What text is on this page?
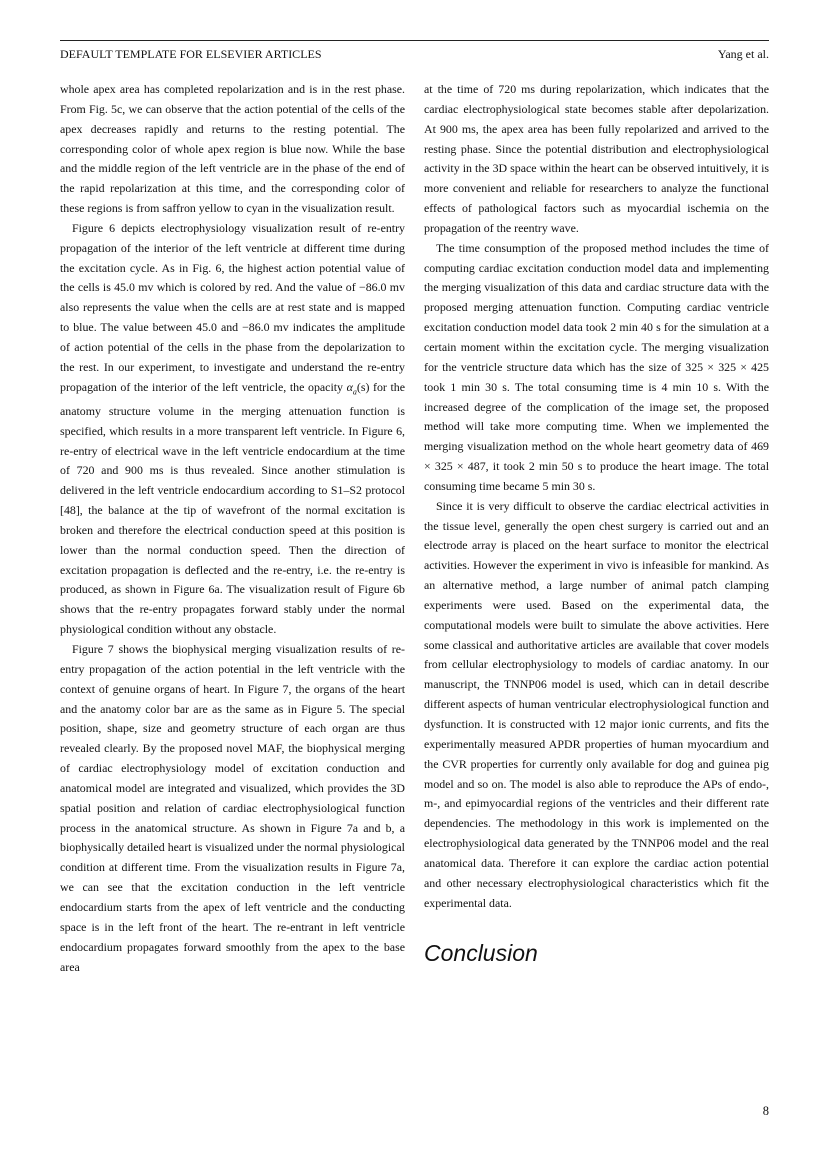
DEFAULT TEMPLATE FOR ELSEVIER ARTICLES	Yang et al.

whole apex area has completed repolarization and is in the rest phase. From Fig. 5c, we can observe that the action potential of the cells of the apex decreases rapidly and returns to the resting potential. The corresponding color of whole apex region is blue now. While the base and the middle region of the left ventricle are in the phase of the end of the rapid repolarization at this time, and the corresponding color of these regions is from saffron yellow to cyan in the visualization result.

Figure 6 depicts electrophysiology visualization result of re-entry propagation of the interior of the left ventricle at different time during the excitation cycle. As in Fig. 6, the highest action potential value of the cells is 45.0 mv which is colored by red. And the value of −86.0 mv also represents the value when the cells are at rest state and is mapped to blue. The value between 45.0 and −86.0 mv indicates the amplitude of action potential of the cells in the phase from the depolarization to the rest. In our experiment, to investigate and understand the re-entry propagation of the interior of the left ventricle, the opacity $\alpha_a(s)$ for the anatomy structure volume in the merging attenuation function is specified, which results in a more transparent left ventricle. In Figure 6, re-entry of electrical wave in the left ventricle endocardium at the time of 720 and 900 ms is thus revealed. Since another stimulation is delivered in the left ventricle endocardium according to S1–S2 protocol [48], the balance at the tip of wavefront of the normal excitation is broken and therefore the electrical conduction speed at this position is lower than the normal conduction speed. Then the direction of excitation propagation is deflected and the re-entry, i.e. the re-entry is produced, as shown in Figure 6a. The visualization result of Figure 6b shows that the re-entry propagates forward stably under the normal physiological condition without any obstacle.

Figure 7 shows the biophysical merging visualization results of re-entry propagation of the action potential in the left ventricle with the context of genuine organs of heart. In Figure 7, the organs of the heart and the anatomy color bar are as the same as in Figure 5. The special position, shape, size and geometry structure of each organ are thus revealed clearly. By the proposed novel MAF, the biophysical merging of cardiac electrophysiology model of excitation conduction and anatomical model are integrated and visualized, which provides the 3D spatial position and relation of cardiac electrophysiological function process in the anatomical structure. As shown in Figure 7a and b, a biophysically detailed heart is visualized under the normal physiological condition at different time. From the visualization results in Figure 7a, we can see that the excitation conduction in the left ventricle endocardium starts from the apex of left ventricle and the conducting space is in the left front of the heart. The re-entrant in left ventricle endocardium propagates forward smoothly from the apex to the base area

at the time of 720 ms during repolarization, which indicates that the cardiac electrophysiological state becomes stable after depolarization. At 900 ms, the apex area has been fully repolarized and arrived to the resting phase. Since the potential distribution and electrophysiological activity in the 3D space within the heart can be observed intuitively, it is more convenient and reliable for researchers to analyze the functional effects of pathological factors such as myocardial ischemia on the propagation of the reentry wave.

The time consumption of the proposed method includes the time of computing cardiac excitation conduction model data and implementing the merging visualization of this data and cardiac structure data with the proposed merging attenuation function. Computing cardiac ventricle excitation conduction model data took 2 min 40 s for the simulation at a certain moment within the excitation cycle. The merging visualization for the ventricle structure data which has the size of 325 × 325 × 425 took 1 min 30 s. The total consuming time is 4 min 10 s. With the increased degree of the complication of the image set, the proposed method will take more computing time. When we implemented the merging visualization method on the whole heart geometry data of 469 × 325 × 487, it took 2 min 50 s to produce the heart image. The total consuming time became 5 min 30 s.

Since it is very difficult to observe the cardiac electrical activities in the tissue level, generally the open chest surgery is carried out and an electrode array is placed on the heart surface to monitor the electrical activities. However the experiment in vivo is infeasible for mankind. As an alternative method, a large number of animal patch clamping experiments were used. Based on the experimental data, the computational models were built to simulate the above activities. Here some classical and authoritative articles are available that cover models from cellular electrophysiology to models of cardiac anatomy. In our manuscript, the TNNP06 model is used, which can in detail describe different aspects of human ventricular electrophysiological function and dysfunction. It is constructed with 12 major ionic currents, and fits the experimentally measured APDR properties of human myocardium and the CVR properties for currently only available for dog and guinea pig model and so on. The model is also able to reproduce the APs of endo-, m-, and epimyocardial regions of the ventricles and their different rate dependencies. The methodology in this work is implemented on the electrophysiological data generated by the TNNP06 model and the real anatomical data. Therefore it can explore the cardiac action potential and other necessary electrophysiological characteristics which fit the experimental data.

Conclusion
8
